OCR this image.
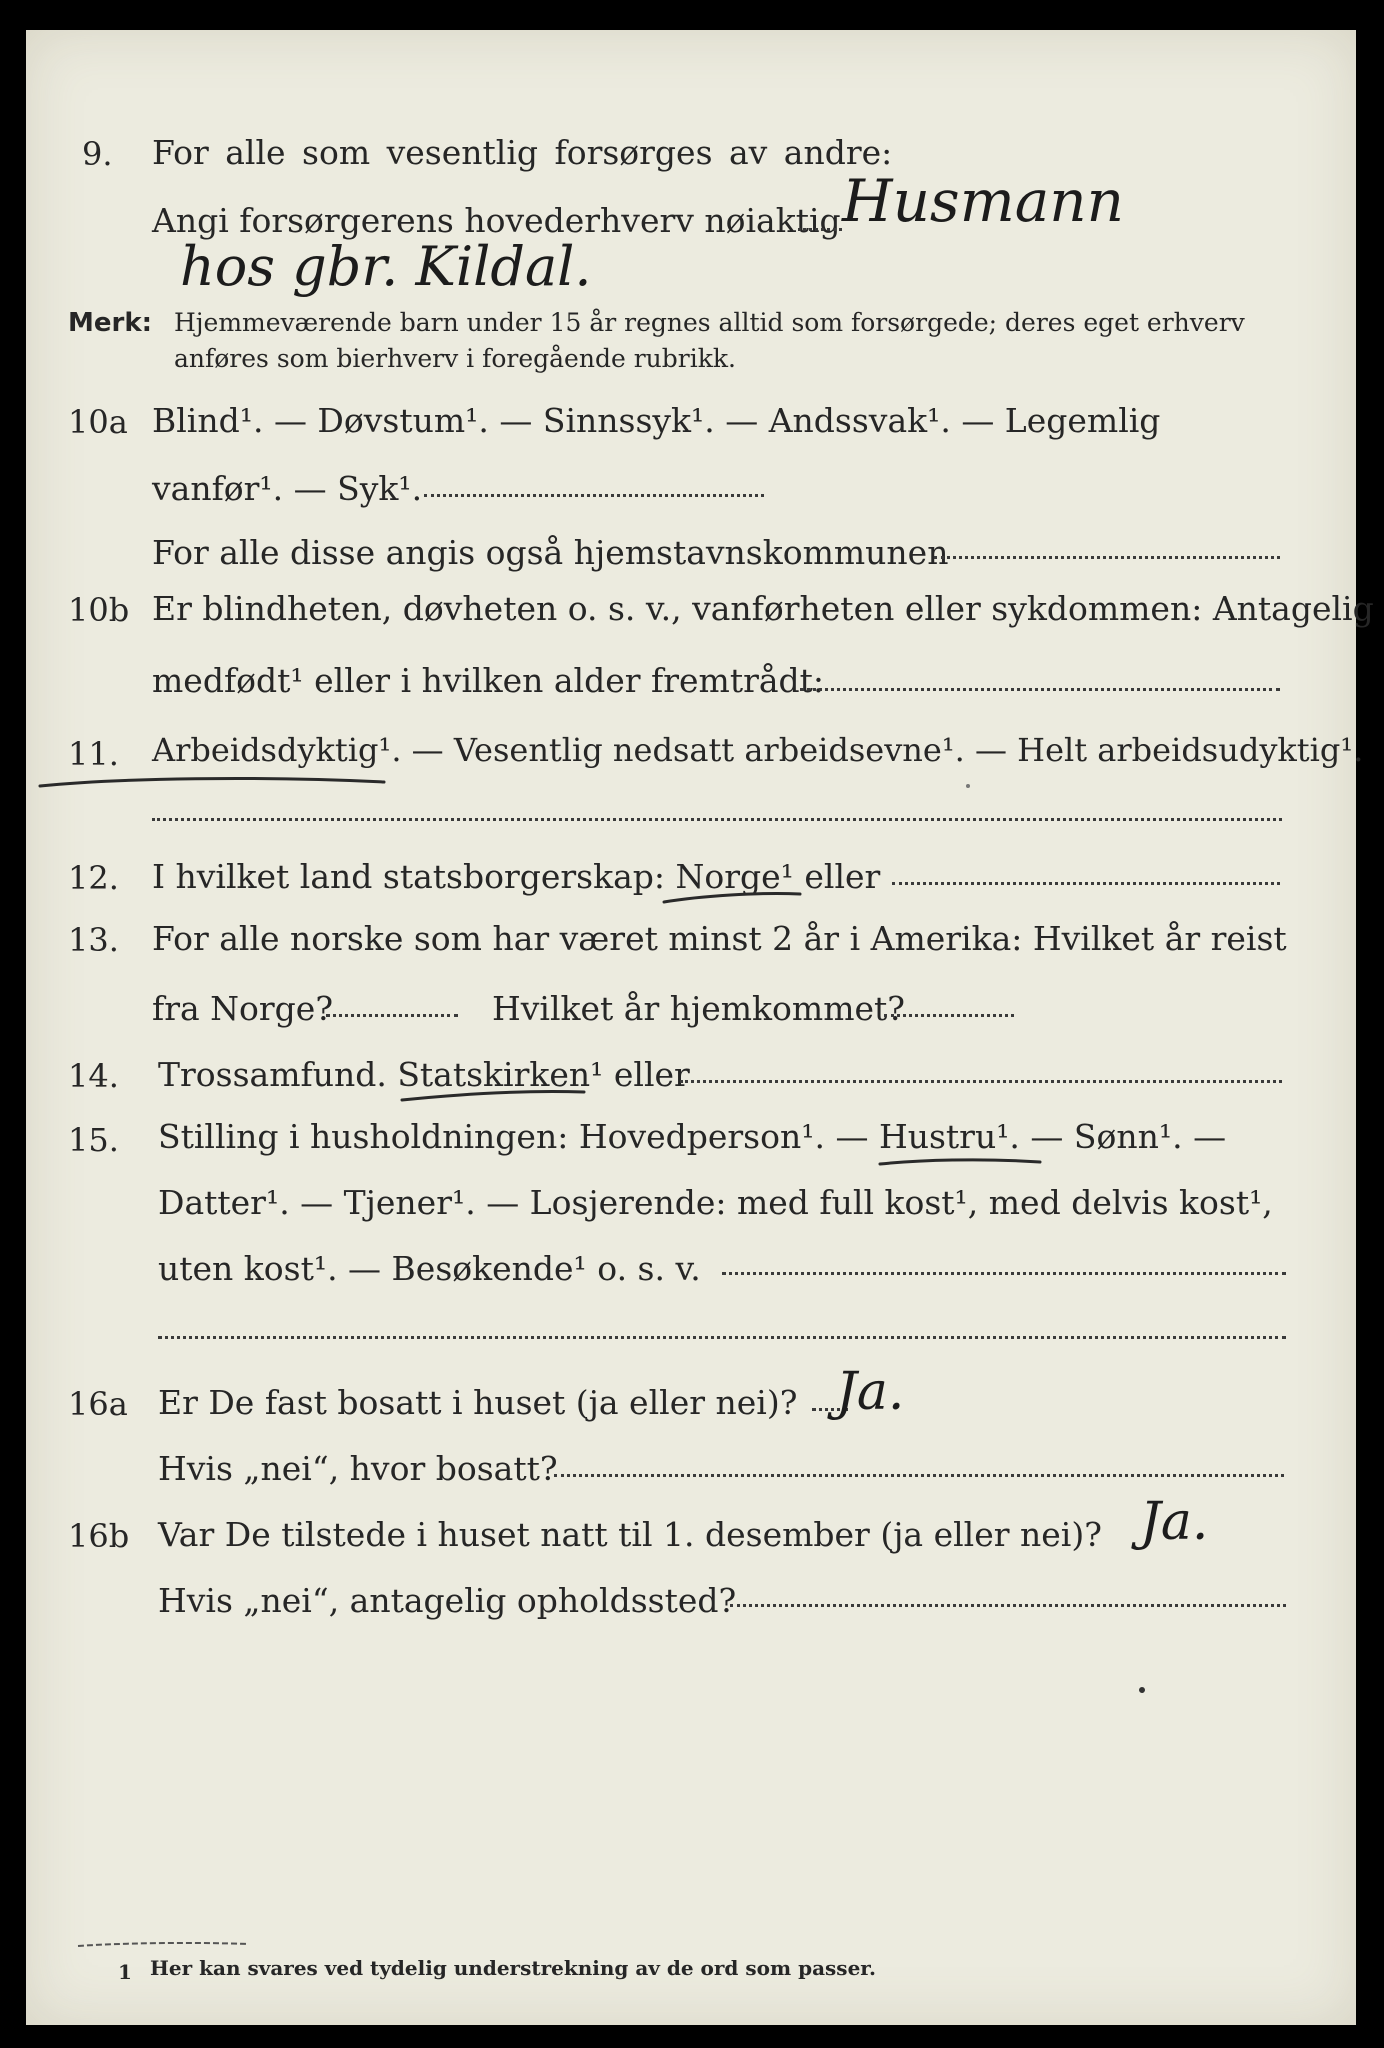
9. For alle som vesentlig forsørges av andre:
Angi forsørgerens hovederhverv nøiaktig Husmann
hos gbr. Kildal.
Merk: Hjemmeværende barn under 15 år regnes alltid som forsørgede; deres eget erhverv
anføres som bierhverv i foregående rubrikk.
10a Blind¹. — Døvstum¹. — Sinnssyk¹. — Andssvak¹. — Legemlig
vanfør¹. — Syk¹.
For alle disse angis også hjemstavnskommunen
10b Er blindheten, døvheten o. s. v., vanførheten eller sykdommen: Antagelig
medfødt¹ eller i hvilken alder fremtrådt:
11. Arbeidsdyktig¹. — Vesentlig nedsatt arbeidsevne¹. — Helt arbeidsudyktig¹.
12. I hvilket land statsborgerskap: Norge¹ eller
13. For alle norske som har været minst 2 år i Amerika: Hvilket år reist
fra Norge?	Hvilket år hjemkommet?
14. Trossamfund. Statskirken¹ eller
15. Stilling i husholdningen: Hovedperson¹. — Hustru¹. — Sønn¹. —
Datter¹. — Tjener¹. — Losjerende: med full kost¹, med delvis kost¹,
uten kost¹. — Besøkende¹ o. s. v.
16a Er De fast bosatt i huset (ja eller nei)? Ja.
Hvis „nei“, hvor bosatt?
16b Var De tilstede i huset natt til 1. desember (ja eller nei)? Ja.
Hvis „nei“, antagelig opholdssted?
1 Her kan svares ved tydelig understrekning av de ord som passer.
